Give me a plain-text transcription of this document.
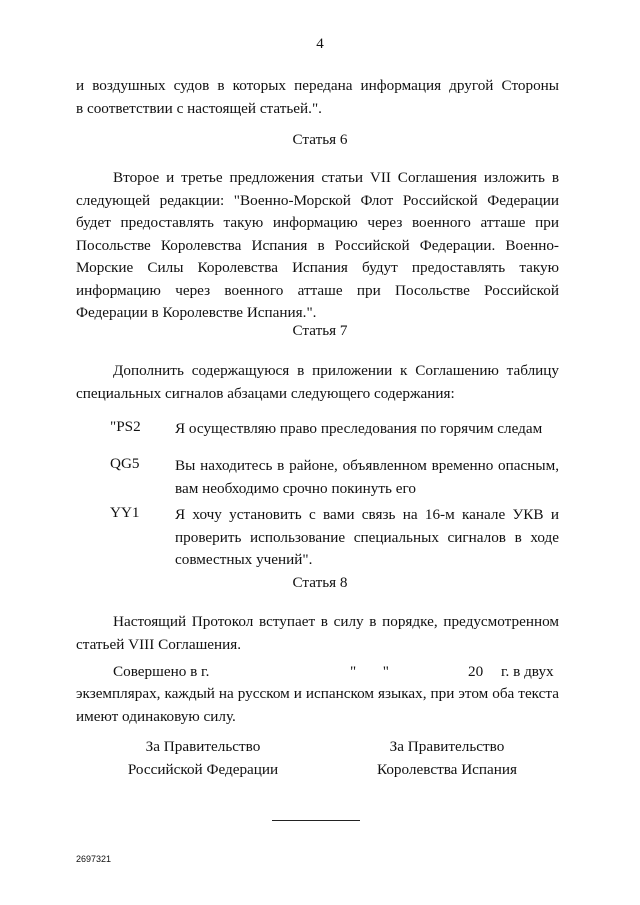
4
и воздушных судов в которых передана информация другой Стороны
в соответствии с настоящей статьей.".
Статья 6
Второе и третье предложения статьи VII Соглашения изложить в
следующей редакции: "Военно-Морской Флот Российской Федерации
будет предоставлять такую информацию через военного атташе при
Посольстве Королевства Испания в Российской Федерации. Военно-
Морские Силы Королевства Испания будут предоставлять такую
информацию через военного атташе при Посольстве Российской
Федерации в Королевстве Испания.".
Статья 7
Дополнить содержащуюся в приложении к Соглашению таблицу
специальных сигналов абзацами следующего содержания:
"PS2	Я осуществляю право преследования по горячим следам
QG5	Вы находитесь в районе, объявленном временно опасным,
вам необходимо срочно покинуть его
YY1	Я хочу установить с вами связь на 16-м канале УКВ и
проверить использование специальных сигналов в ходе
совместных учений".
Статья 8
Настоящий Протокол вступает в силу в порядке, предусмотренном
статьей VIII Соглашения.
Совершено в г.	"       "	20 г. в двух
экземплярах, каждый на русском и испанском языках, при этом оба текста
имеют одинаковую силу.
За Правительство
Российской Федерации
За Правительство
Королевства Испания
2697321
